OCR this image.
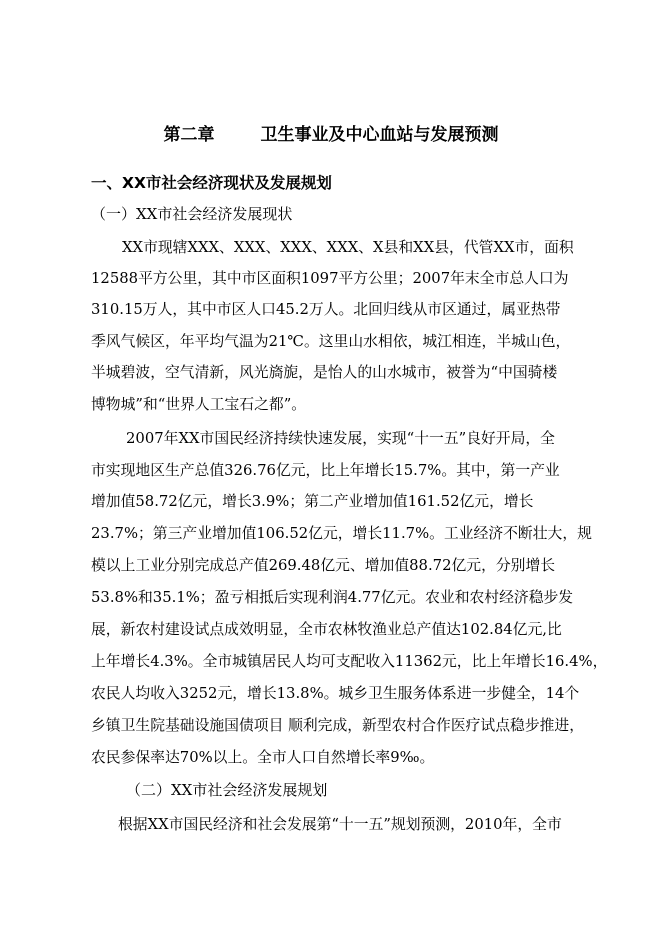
第二章	卫生事业及中心血站与发展预测
一、XX市社会经济现状及发展规划
（一）XX市社会经济发展现状
XX市现辖XXX、XXX、XXX、XXX、X县和XX县，代管XX市，面积
12588平方公里，其中市区面积1097平方公里；2007年末全市总人口为
310.15万人，其中市区人口45.2万人。北回归线从市区通过，属亚热带
季风气候区，年平均气温为21℃。这里山水相依，城江相连，半城山色，
半城碧波，空气清新，风光旖旎，是怡人的山水城市，被誉为“中国骑楼
博物城”和“世界人工宝石之都”。
2007年XX市国民经济持续快速发展，实现“十一五”良好开局，全
市实现地区生产总值326.76亿元，比上年增长15.7%。其中，第一产业
增加值58.72亿元，增长3.9%；第二产业增加值161.52亿元，增长
23.7%；第三产业增加值106.52亿元，增长11.7%。工业经济不断壮大，规
模以上工业分别完成总产值269.48亿元、增加值88.72亿元，分别增长
53.8%和35.1%；盈亏相抵后实现利润4.77亿元。农业和农村经济稳步发
展，新农村建设试点成效明显，全市农林牧渔业总产值达102.84亿元,比
上年增长4.3%。全市城镇居民人均可支配收入11362元，比上年增长16.4%，
农民人均收入3252元，增长13.8%。城乡卫生服务体系进一步健全，14个
乡镇卫生院基础设施国债项目 顺利完成，新型农村合作医疗试点稳步推进，
农民参保率达70%以上。全市人口自然增长率9‰。
（二）XX市社会经济发展规划
根据XX市国民经济和社会发展第“十一五”规划预测，2010年，全市
